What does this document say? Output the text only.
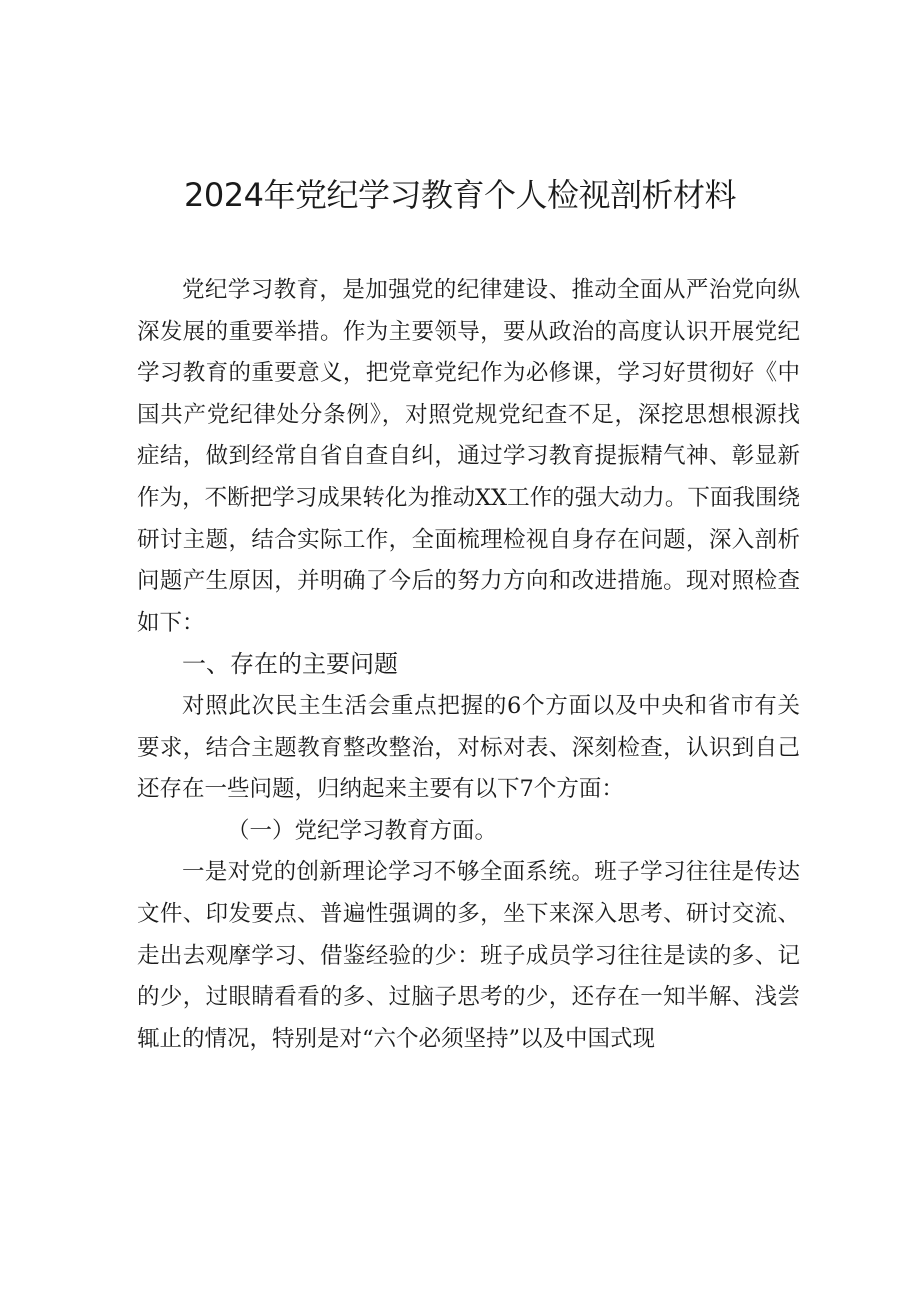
2024年党纪学习教育个人检视剖析材料

党纪学习教育，是加强党的纪律建设、推动全面从严治党向纵深发展的重要举措。作为主要领导，要从政治的高度认识开展党纪学习教育的重要意义，把党章党纪作为必修课，学习好贯彻好《中国共产党纪律处分条例》，对照党规党纪查不足，深挖思想根源找症结，做到经常自省自查自纠，通过学习教育提振精气神、彰显新作为，不断把学习成果转化为推动XX工作的强大动力。下面我围绕研讨主题，结合实际工作，全面梳理检视自身存在问题，深入剖析问题产生原因，并明确了今后的努力方向和改进措施。现对照检查如下：

一、存在的主要问题

对照此次民主生活会重点把握的6个方面以及中央和省市有关要求，结合主题教育整改整治，对标对表、深刻检查，认识到自己还存在一些问题，归纳起来主要有以下7个方面：

（一）党纪学习教育方面。

一是对党的创新理论学习不够全面系统。班子学习往往是传达文件、印发要点、普遍性强调的多，坐下来深入思考、研讨交流、走出去观摩学习、借鉴经验的少：班子成员学习往往是读的多、记的少，过眼睛看看的多、过脑子思考的少，还存在一知半解、浅尝辄止的情况，特别是对“六个必须坚持”以及中国式现
